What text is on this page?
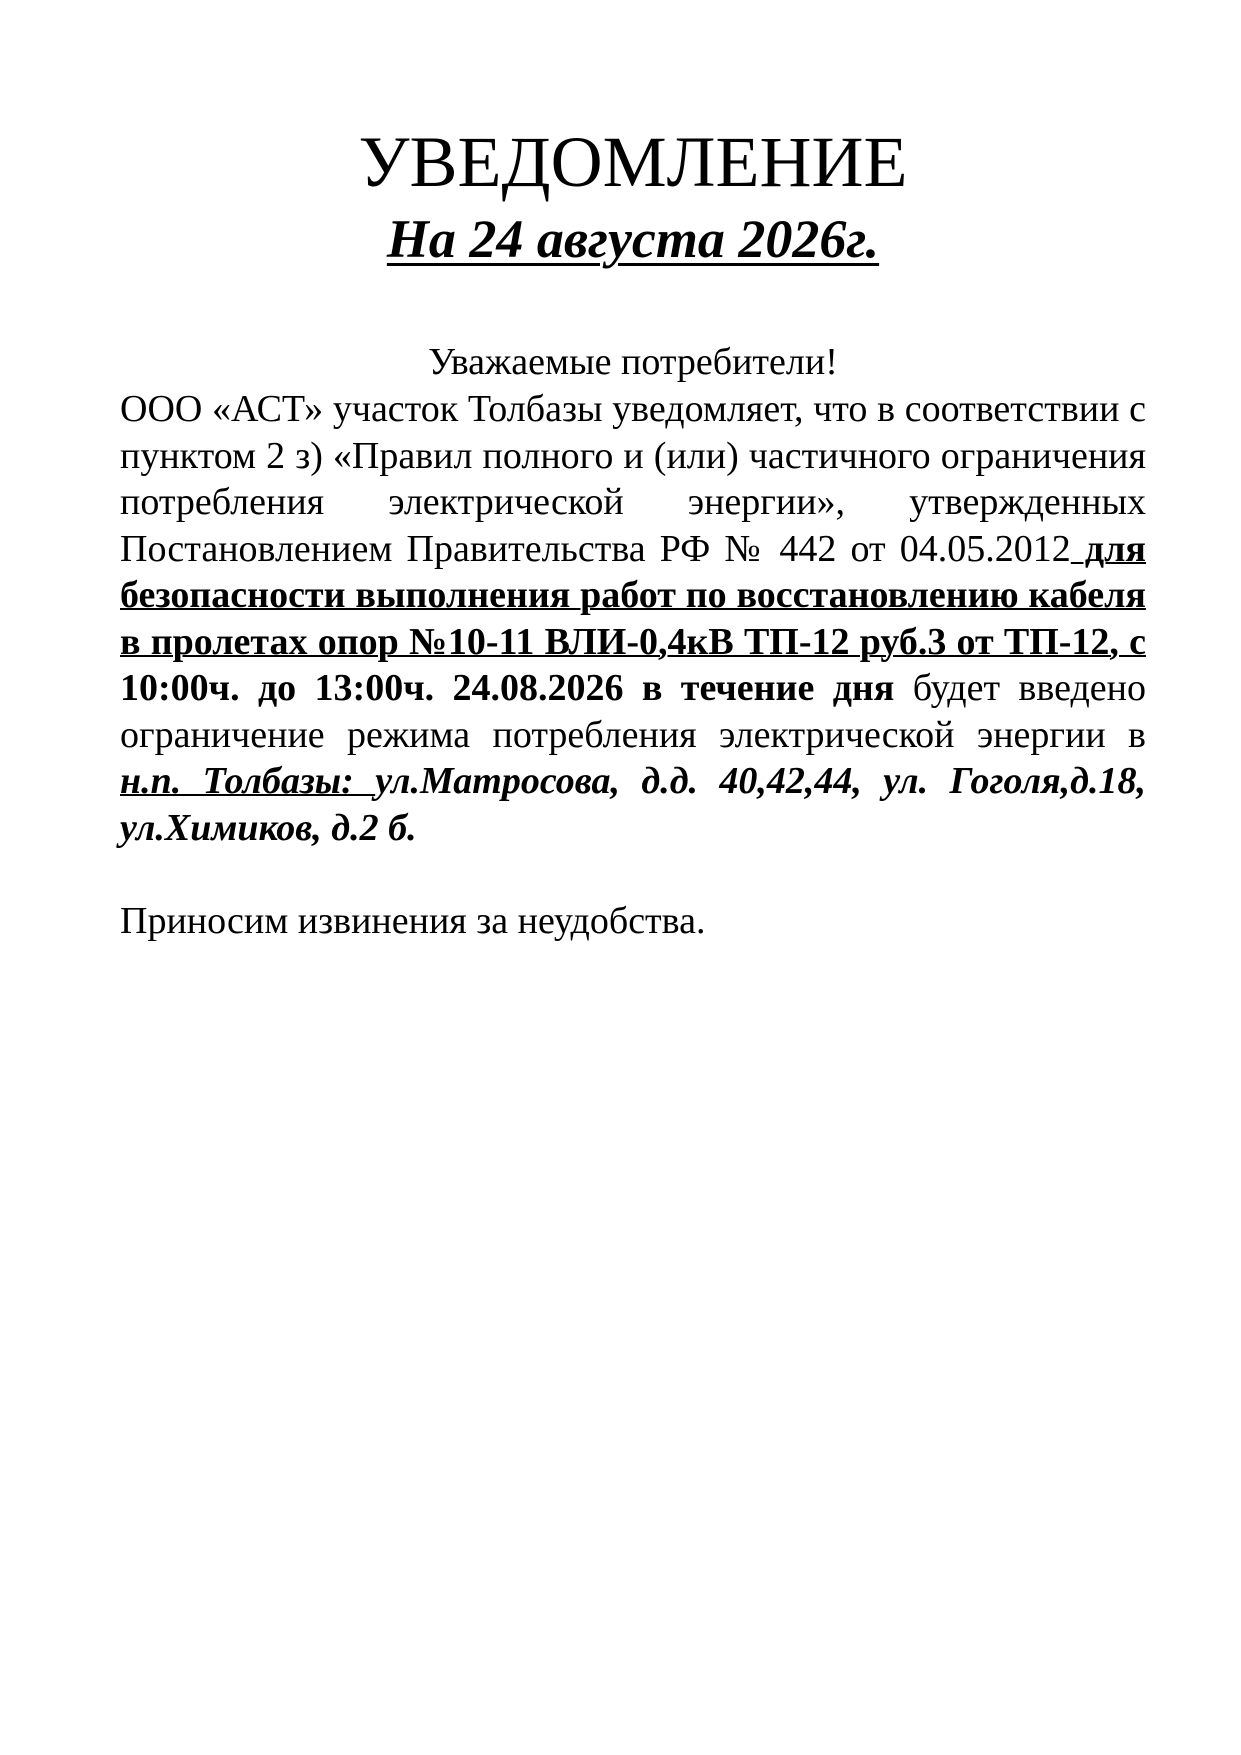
УВЕДОМЛЕНИЕ
На 24 августа 2026г.
Уважаемые потребители!

ООО «АСТ» участок Толбазы уведомляет, что в соответствии с пунктом 2 з) «Правил полного и (или) частичного ограничения потребления электрической энергии», утвержденных Постановлением Правительства РФ № 442 от 04.05.2012 для безопасности выполнения работ по восстановлению кабеля в пролетах опор №10-11 ВЛИ-0,4кВ ТП-12 руб.3 от ТП-12, с 10:00ч. до 13:00ч. 24.08.2026 в течение дня будет введено ограничение режима потребления электрической энергии в н.п. Толбазы: ул.Матросова, д.д. 40,42,44, ул. Гоголя,д.18, ул.Химиков, д.2 б.

Приносим извинения за неудобства.
